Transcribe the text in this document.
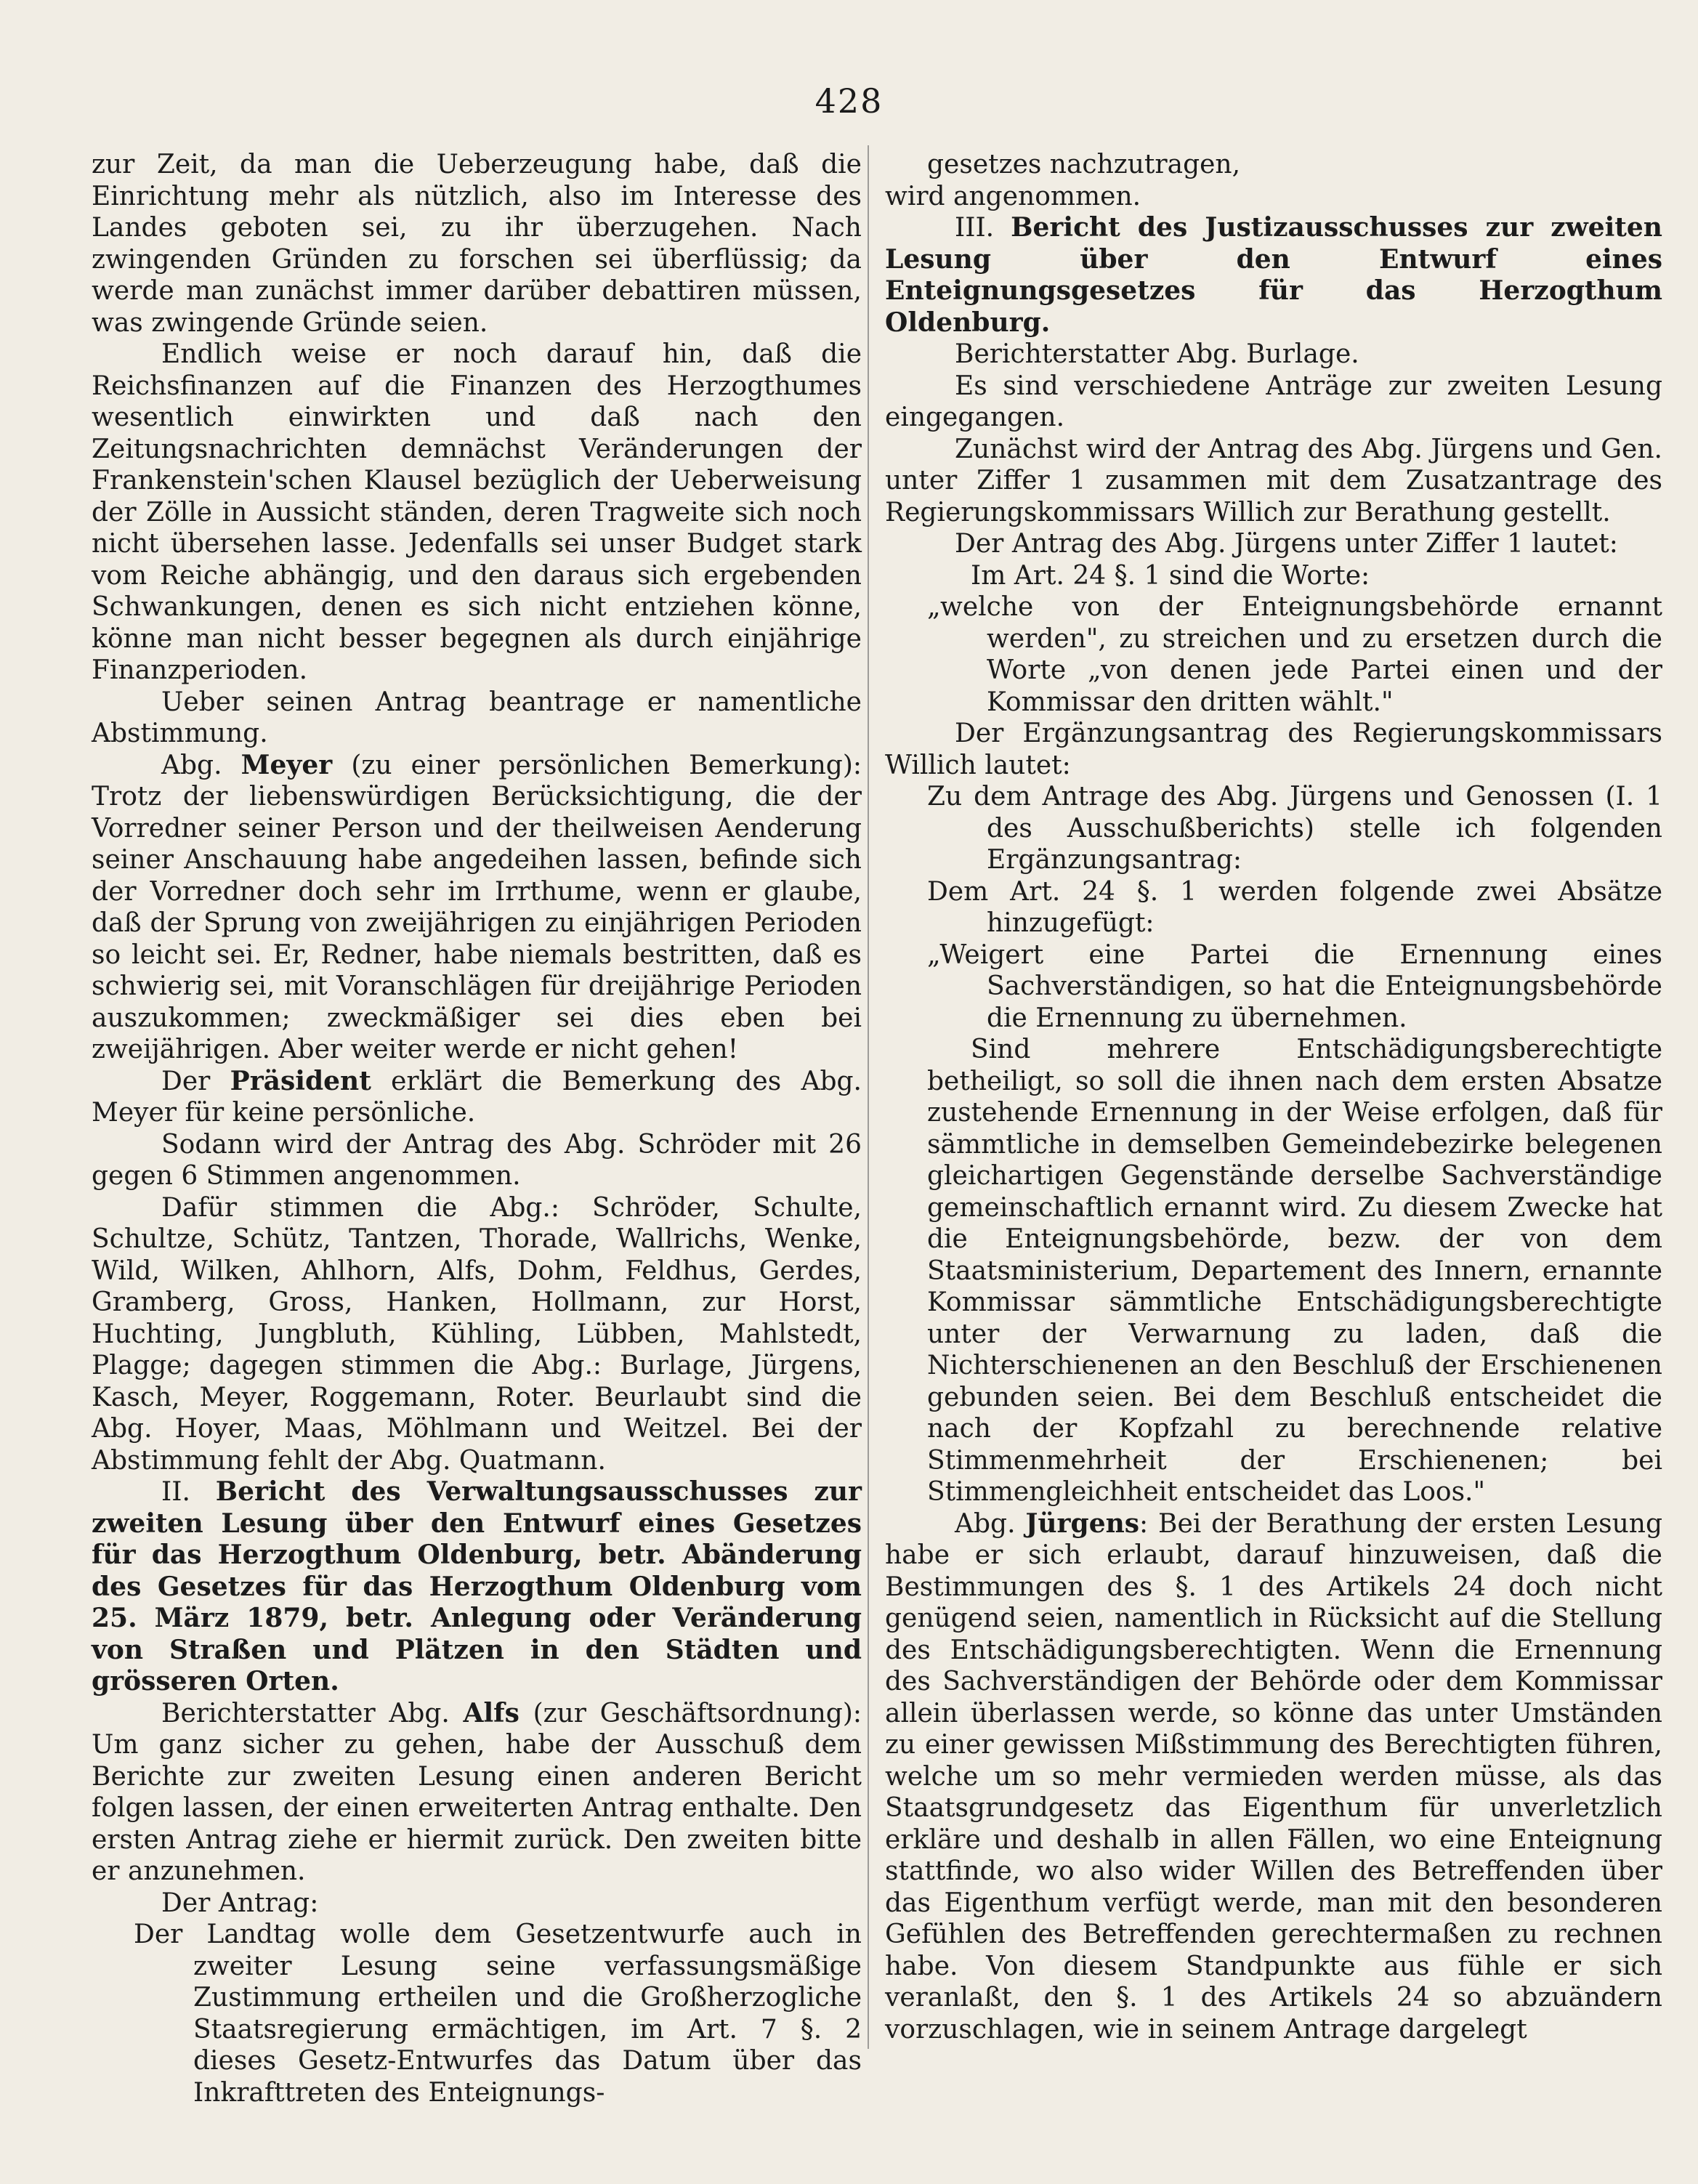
428

zur Zeit, da man die Ueberzeugung habe, daß die Einrichtung mehr als nützlich, also im Interesse des Landes geboten sei, zu ihr überzugehen. Nach zwingenden Gründen zu forschen sei überflüssig; da werde man zunächst immer darüber debattiren müssen, was zwingende Gründe seien.

Endlich weise er noch darauf hin, daß die Reichsfinanzen auf die Finanzen des Herzogthumes wesentlich einwirkten und daß nach den Zeitungsnachrichten demnächst Veränderungen der Frankenstein'schen Klausel bezüglich der Ueberweisung der Zölle in Aussicht ständen, deren Tragweite sich noch nicht übersehen lasse. Jedenfalls sei unser Budget stark vom Reiche abhängig, und den daraus sich ergebenden Schwankungen, denen es sich nicht entziehen könne, könne man nicht besser begegnen als durch einjährige Finanzperioden.

Ueber seinen Antrag beantrage er namentliche Abstimmung.

Abg. Meyer (zu einer persönlichen Bemerkung): Trotz der liebenswürdigen Berücksichtigung, die der Vorredner seiner Person und der theilweisen Aenderung seiner Anschauung habe angedeihen lassen, befinde sich der Vorredner doch sehr im Irrthume, wenn er glaube, daß der Sprung von zweijährigen zu einjährigen Perioden so leicht sei. Er, Redner, habe niemals bestritten, daß es schwierig sei, mit Voranschlägen für dreijährige Perioden auszukommen; zweckmäßiger sei dies eben bei zweijährigen. Aber weiter werde er nicht gehen!

Der Präsident erklärt die Bemerkung des Abg. Meyer für keine persönliche.

Sodann wird der Antrag des Abg. Schröder mit 26 gegen 6 Stimmen angenommen.

Dafür stimmen die Abg.: Schröder, Schulte, Schultze, Schütz, Tantzen, Thorade, Wallrichs, Wenke, Wild, Wilken, Ahlhorn, Alfs, Dohm, Feldhus, Gerdes, Gramberg, Gross, Hanken, Hollmann, zur Horst, Huchting, Jungbluth, Kühling, Lübben, Mahlstedt, Plagge; dagegen stimmen die Abg.: Burlage, Jürgens, Kasch, Meyer, Roggemann, Roter. Beurlaubt sind die Abg. Hoyer, Maas, Möhlmann und Weitzel. Bei der Abstimmung fehlt der Abg. Quatmann.

II. Bericht des Verwaltungsausschusses zur zweiten Lesung über den Entwurf eines Gesetzes für das Herzogthum Oldenburg, betr. Abänderung des Gesetzes für das Herzogthum Oldenburg vom 25. März 1879, betr. Anlegung oder Veränderung von Straßen und Plätzen in den Städten und grösseren Orten.

Berichterstatter Abg. Alfs (zur Geschäftsordnung): Um ganz sicher zu gehen, habe der Ausschuß dem Berichte zur zweiten Lesung einen anderen Bericht folgen lassen, der einen erweiterten Antrag enthalte. Den ersten Antrag ziehe er hiermit zurück. Den zweiten bitte er anzunehmen.

Der Antrag:

Der Landtag wolle dem Gesetzentwurfe auch in zweiter Lesung seine verfassungsmäßige Zustimmung ertheilen und die Großherzogliche Staatsregierung ermächtigen, im Art. 7 §. 2 dieses Gesetz-Entwurfes das Datum über das Inkrafttreten des Enteignungs-

gesetzes nachzutragen,

wird angenommen.

III. Bericht des Justizausschusses zur zweiten Lesung über den Entwurf eines Enteignungsgesetzes für das Herzogthum Oldenburg.

Berichterstatter Abg. Burlage.

Es sind verschiedene Anträge zur zweiten Lesung eingegangen.

Zunächst wird der Antrag des Abg. Jürgens und Gen. unter Ziffer 1 zusammen mit dem Zusatzantrage des Regierungskommissars Willich zur Berathung gestellt.

Der Antrag des Abg. Jürgens unter Ziffer 1 lautet:

Im Art. 24 §. 1 sind die Worte:

„welche von der Enteignungsbehörde ernannt werden", zu streichen und zu ersetzen durch die Worte „von denen jede Partei einen und der Kommissar den dritten wählt."

Der Ergänzungsantrag des Regierungskommissars Willich lautet:

Zu dem Antrage des Abg. Jürgens und Genossen (I. 1 des Ausschußberichts) stelle ich folgenden Ergänzungsantrag:

Dem Art. 24 §. 1 werden folgende zwei Absätze hinzugefügt:

„Weigert eine Partei die Ernennung eines Sachverständigen, so hat die Enteignungsbehörde die Ernennung zu übernehmen.

Sind mehrere Entschädigungsberechtigte betheiligt, so soll die ihnen nach dem ersten Absatze zustehende Ernennung in der Weise erfolgen, daß für sämmtliche in demselben Gemeindebezirke belegenen gleichartigen Gegenstände derselbe Sachverständige gemeinschaftlich ernannt wird. Zu diesem Zwecke hat die Enteignungsbehörde, bezw. der von dem Staatsministerium, Departement des Innern, ernannte Kommissar sämmtliche Entschädigungsberechtigte unter der Verwarnung zu laden, daß die Nichterschienenen an den Beschluß der Erschienenen gebunden seien. Bei dem Beschluß entscheidet die nach der Kopfzahl zu berechnende relative Stimmenmehrheit der Erschienenen; bei Stimmengleichheit entscheidet das Loos."

Abg. Jürgens: Bei der Berathung der ersten Lesung habe er sich erlaubt, darauf hinzuweisen, daß die Bestimmungen des §. 1 des Artikels 24 doch nicht genügend seien, namentlich in Rücksicht auf die Stellung des Entschädigungsberechtigten. Wenn die Ernennung des Sachverständigen der Behörde oder dem Kommissar allein überlassen werde, so könne das unter Umständen zu einer gewissen Mißstimmung des Berechtigten führen, welche um so mehr vermieden werden müsse, als das Staatsgrundgesetz das Eigenthum für unverletzlich erkläre und deshalb in allen Fällen, wo eine Enteignung stattfinde, wo also wider Willen des Betreffenden über das Eigenthum verfügt werde, man mit den besonderen Gefühlen des Betreffenden gerechtermaßen zu rechnen habe. Von diesem Standpunkte aus fühle er sich veranlaßt, den §. 1 des Artikels 24 so abzuändern vorzuschlagen, wie in seinem Antrage dargelegt
